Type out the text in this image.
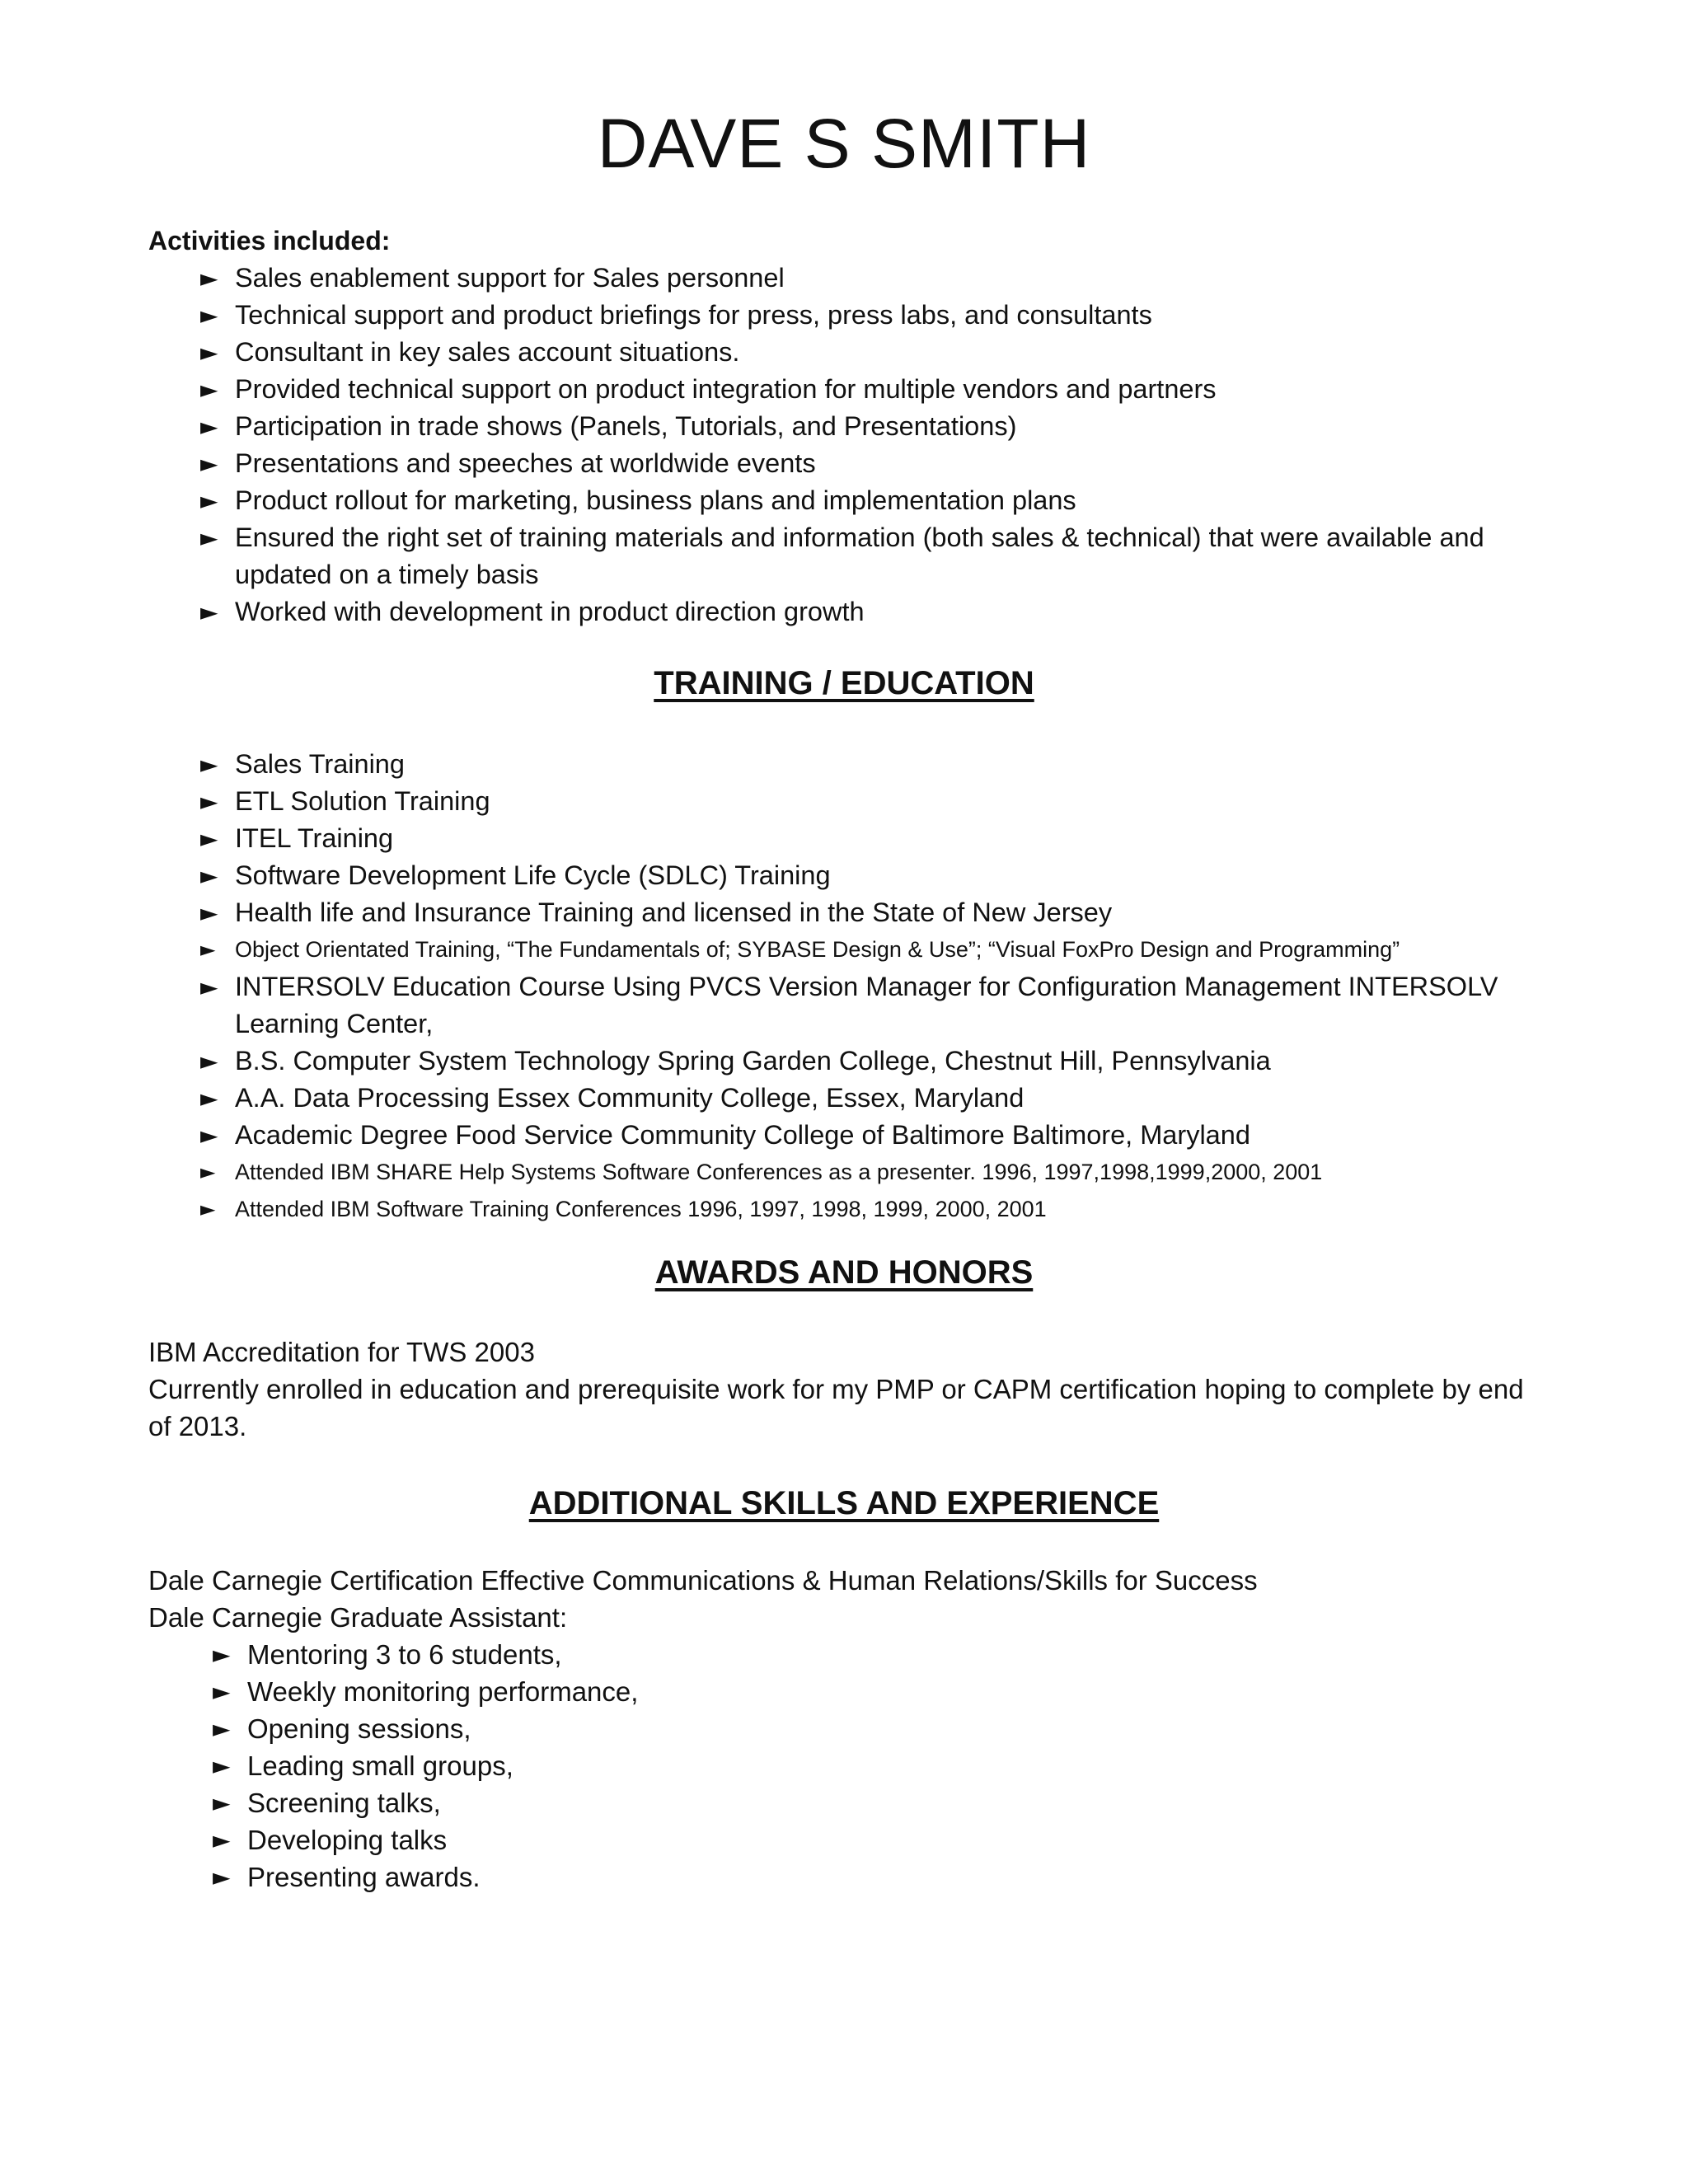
DAVE S SMITH

Activities included:

► Sales enablement support for Sales personnel
► Technical support and product briefings for press, press labs, and consultants
► Consultant in key sales account situations.
► Provided technical support on product integration for multiple vendors and partners
► Participation in trade shows (Panels, Tutorials, and Presentations)
► Presentations and speeches at worldwide events
► Product rollout for marketing, business plans and implementation plans
► Ensured the right set of training materials and information (both sales & technical) that were available and updated on a timely basis
► Worked with development in product direction growth
TRAINING / EDUCATION
► Sales Training
► ETL Solution Training
► ITEL Training
► Software Development Life Cycle (SDLC) Training
► Health life and Insurance Training and licensed in the State of New Jersey
► Object Orientated Training, “The Fundamentals of; SYBASE Design & Use”; “Visual FoxPro Design and Programming”
► INTERSOLV Education Course Using PVCS Version Manager for Configuration Management INTERSOLV Learning Center,
► B.S. Computer System Technology Spring Garden College, Chestnut Hill, Pennsylvania
► A.A. Data Processing Essex Community College, Essex, Maryland
► Academic Degree Food Service Community College of Baltimore Baltimore, Maryland
► Attended IBM SHARE Help Systems Software Conferences as a presenter. 1996, 1997,1998,1999,2000, 2001
► Attended IBM Software Training Conferences 1996, 1997, 1998, 1999, 2000, 2001
AWARDS AND HONORS
IBM Accreditation for TWS 2003
Currently enrolled in education and prerequisite work for my PMP or CAPM certification hoping to complete by end of 2013.
ADDITIONAL SKILLS AND EXPERIENCE
Dale Carnegie Certification Effective Communications & Human Relations/Skills for Success
Dale Carnegie Graduate Assistant:
► Mentoring 3 to 6 students,
► Weekly monitoring performance,
► Opening sessions,
► Leading small groups,
► Screening talks,
► Developing talks
► Presenting awards.
